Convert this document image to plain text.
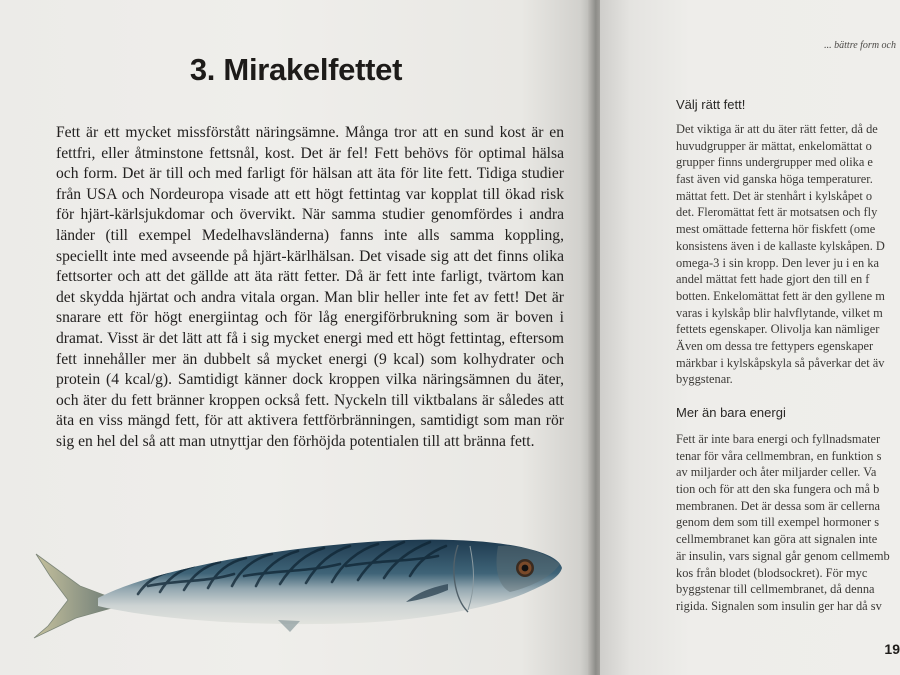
3. Mirakelfettet

Fett är ett mycket missförstått näringsämne. Många tror att en sund kost är en fettfri, eller åtminstone fettsnål, kost. Det är fel! Fett behövs för optimal hälsa och form. Det är till och med farligt för hälsan att äta för lite fett. Tidiga studier från USA och Nordeuropa visade att ett högt fettintag var kopplat till ökad risk för hjärt-kärlsjukdomar och övervikt. När samma studier genomfördes i andra länder (till exempel Medelhavsländerna) fanns inte alls samma koppling, speciellt inte med avseende på hjärt-kärlhälsan. Det visade sig att det finns olika fettsorter och att det gällde att äta rätt fetter. Då är fett inte farligt, tvärtom kan det skydda hjärtat och andra vitala organ. Man blir heller inte fet av fett! Det är snarare ett för högt energiintag och för låg energiförbrukning som är boven i dramat. Visst är det lätt att få i sig mycket energi med ett högt fettintag, eftersom fett innehåller mer än dubbelt så mycket energi (9 kcal) som kolhydrater och protein (4 kcal/g). Samtidigt känner dock kroppen vilka näringsämnen du äter, och äter du fett bränner kroppen också fett. Nyckeln till viktbalans är således att äta en viss mängd fett, för att aktivera fettförbränningen, samtidigt som man rör sig en hel del så att man utnyttjar den förhöjda potentialen till att bränna fett.

... bättre form och
Välj rätt fett!
Det viktiga är att du äter rätt fetter, då de
huvudgrupper är mättat, enkelomättat o
grupper finns undergrupper med olika e
fast även vid ganska höga temperaturer.
mättat fett. Det är stenhårt i kylskåpet o
det. Fleromättat fett är motsatsen och fly
mest omättade fetterna hör fiskfett (ome
konsistens även i de kallaste kylskåpen. D
omega-3 i sin kropp. Den lever ju i en ka
andel mättat fett hade gjort den till en f
botten. Enkelomättat fett är den gyllene m
varas i kylskåp blir halvflytande, vilket m
fettets egenskaper. Olivolja kan nämliger
Även om dessa tre fettypers egenskaper
märkbar i kylskåpskyla så påverkar det äv
byggstenar.
Mer än bara energi
Fett är inte bara energi och fyllnadsmater
tenar för våra cellmembran, en funktion s
av miljarder och åter miljarder celler. Va
tion och för att den ska fungera och må b
membranen. Det är dessa som är cellerna
genom dem som till exempel hormoner s
cellmembranet kan göra att signalen inte
är insulin, vars signal går genom cellmemb
kos från blodet (blodsockret). För myc
byggstenar till cellmembranet, då denna
rigida. Signalen som insulin ger har då sv
19
